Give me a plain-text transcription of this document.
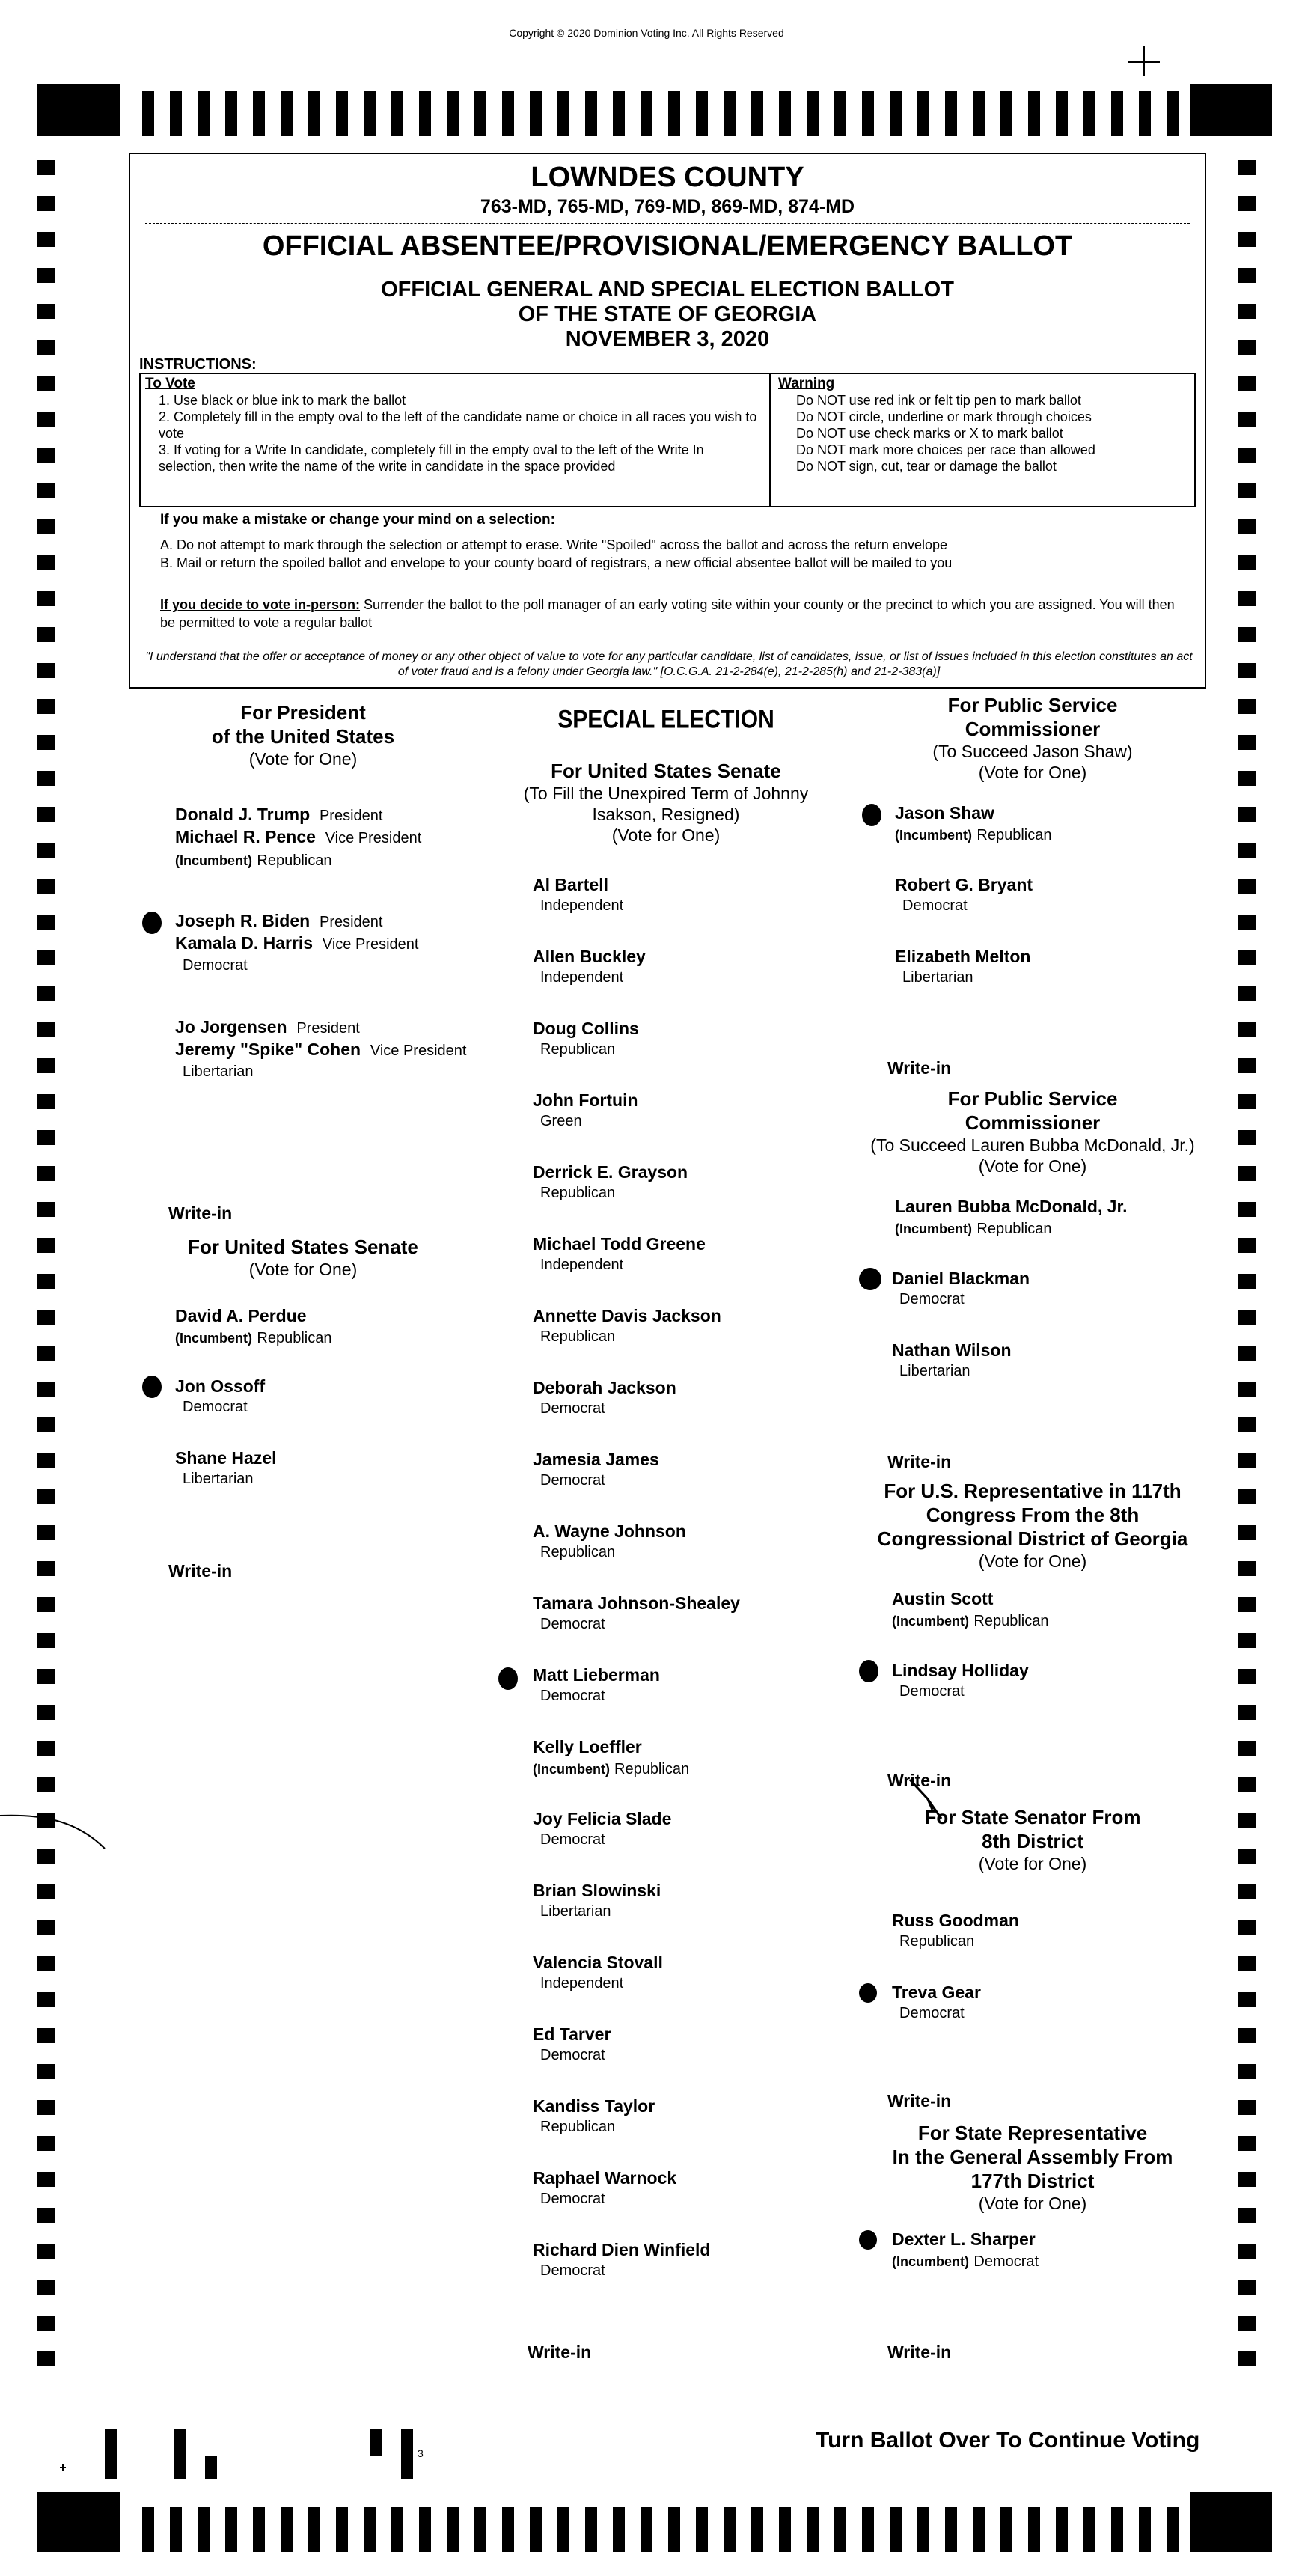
Copyright © 2020 Dominion Voting Inc. All Rights Reserved
LOWNDES COUNTY
763-MD, 765-MD, 769-MD, 869-MD, 874-MD
OFFICIAL ABSENTEE/PROVISIONAL/EMERGENCY BALLOT
OFFICIAL GENERAL AND SPECIAL ELECTION BALLOT
OF THE STATE OF GEORGIA
NOVEMBER 3, 2020
INSTRUCTIONS:
To Vote
1. Use black or blue ink to mark the ballot
2. Completely fill in the empty oval to the left of the candidate name or choice in all races you wish to vote
3. If voting for a Write In candidate, completely fill in the empty oval to the left of the Write In selection, then write the name of the write in candidate in the space provided
Warning
Do NOT use red ink or felt tip pen to mark ballot
Do NOT circle, underline or mark through choices
Do NOT use check marks or X to mark ballot
Do NOT mark more choices per race than allowed
Do NOT sign, cut, tear or damage the ballot
If you make a mistake or change your mind on a selection:
A. Do not attempt to mark through the selection or attempt to erase. Write "Spoiled" across the ballot and across the return envelope
B. Mail or return the spoiled ballot and envelope to your county board of registrars, a new official absentee ballot will be mailed to you
If you decide to vote in-person: Surrender the ballot to the poll manager of an early voting site within your county or the precinct to which you are assigned. You will then be permitted to vote a regular ballot
"I understand that the offer or acceptance of money or any other object of value to vote for any particular candidate, list of candidates, issue, or list of issues included in this election constitutes an act of voter fraud and is a felony under Georgia law." [O.C.G.A. 21-2-284(e), 21-2-285(h) and 21-2-383(a)]
For President
of the United States
(Vote for One)
Donald J. Trump President
Michael R. Pence Vice President
(Incumbent) Republican
Joseph R. Biden President
Kamala D. Harris Vice President
Democrat
Jo Jorgensen President
Jeremy "Spike" Cohen Vice President
Libertarian
Write-in
For United States Senate
(Vote for One)
David A. Perdue
(Incumbent) Republican
Jon Ossoff
Democrat
Shane Hazel
Libertarian
Write-in
SPECIAL ELECTION
For United States Senate
(To Fill the Unexpired Term of Johnny
Isakson, Resigned)
(Vote for One)
Al Bartell
Independent
Allen Buckley
Independent
Doug Collins
Republican
John Fortuin
Green
Derrick E. Grayson
Republican
Michael Todd Greene
Independent
Annette Davis Jackson
Republican
Deborah Jackson
Democrat
Jamesia James
Democrat
A. Wayne Johnson
Republican
Tamara Johnson-Shealey
Democrat
Matt Lieberman
Democrat
Kelly Loeffler
(Incumbent) Republican
Joy Felicia Slade
Democrat
Brian Slowinski
Libertarian
Valencia Stovall
Independent
Ed Tarver
Democrat
Kandiss Taylor
Republican
Raphael Warnock
Democrat
Richard Dien Winfield
Democrat
Write-in
For Public Service
Commissioner
(To Succeed Jason Shaw)
(Vote for One)
Jason Shaw
(Incumbent) Republican
Robert G. Bryant
Democrat
Elizabeth Melton
Libertarian
Write-in
For Public Service
Commissioner
(To Succeed Lauren Bubba McDonald, Jr.)
(Vote for One)
Lauren Bubba McDonald, Jr.
(Incumbent) Republican
Daniel Blackman
Democrat
Nathan Wilson
Libertarian
Write-in
For U.S. Representative in 117th
Congress From the 8th
Congressional District of Georgia
(Vote for One)
Austin Scott
(Incumbent) Republican
Lindsay Holliday
Democrat
Write-in
For State Senator From
8th District
(Vote for One)
Russ Goodman
Republican
Treva Gear
Democrat
Write-in
For State Representative
In the General Assembly From
177th District
(Vote for One)
Dexter L. Sharper
(Incumbent) Democrat
Write-in
Turn Ballot Over To Continue Voting
3
